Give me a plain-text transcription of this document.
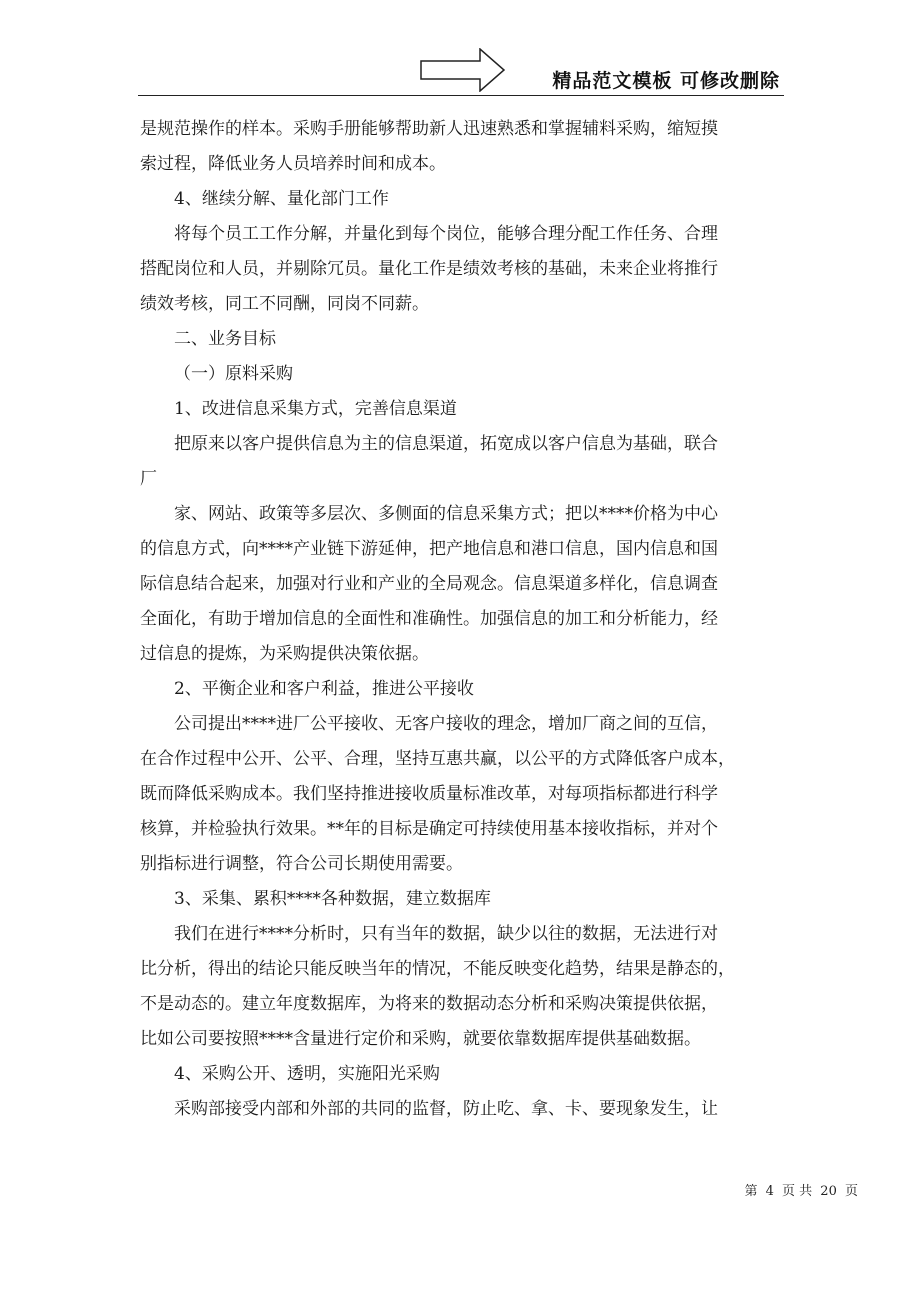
精品范文模板 可修改删除
是规范操作的样本。采购手册能够帮助新人迅速熟悉和掌握辅料采购，缩短摸
索过程，降低业务人员培养时间和成本。
4、继续分解、量化部门工作
将每个员工工作分解，并量化到每个岗位，能够合理分配工作任务、合理
搭配岗位和人员，并剔除冗员。量化工作是绩效考核的基础，未来企业将推行
绩效考核，同工不同酬，同岗不同薪。
二、业务目标
（一）原料采购
1、改进信息采集方式，完善信息渠道
把原来以客户提供信息为主的信息渠道，拓宽成以客户信息为基础，联合
厂
家、网站、政策等多层次、多侧面的信息采集方式；把以****价格为中心
的信息方式，向****产业链下游延伸，把产地信息和港口信息，国内信息和国
际信息结合起来，加强对行业和产业的全局观念。信息渠道多样化，信息调查
全面化，有助于增加信息的全面性和准确性。加强信息的加工和分析能力，经
过信息的提炼，为采购提供决策依据。
2、平衡企业和客户利益，推进公平接收
公司提出****进厂公平接收、无客户接收的理念，增加厂商之间的互信，
在合作过程中公开、公平、合理，坚持互惠共赢，以公平的方式降低客户成本，
既而降低采购成本。我们坚持推进接收质量标准改革，对每项指标都进行科学
核算，并检验执行效果。**年的目标是确定可持续使用基本接收指标，并对个
别指标进行调整，符合公司长期使用需要。
3、采集、累积****各种数据，建立数据库
我们在进行****分析时，只有当年的数据，缺少以往的数据，无法进行对
比分析，得出的结论只能反映当年的情况，不能反映变化趋势，结果是静态的，
不是动态的。建立年度数据库，为将来的数据动态分析和采购决策提供依据，
比如公司要按照****含量进行定价和采购，就要依靠数据库提供基础数据。
4、采购公开、透明，实施阳光采购
采购部接受内部和外部的共同的监督，防止吃、拿、卡、要现象发生，让
第 4 页 共 20 页
